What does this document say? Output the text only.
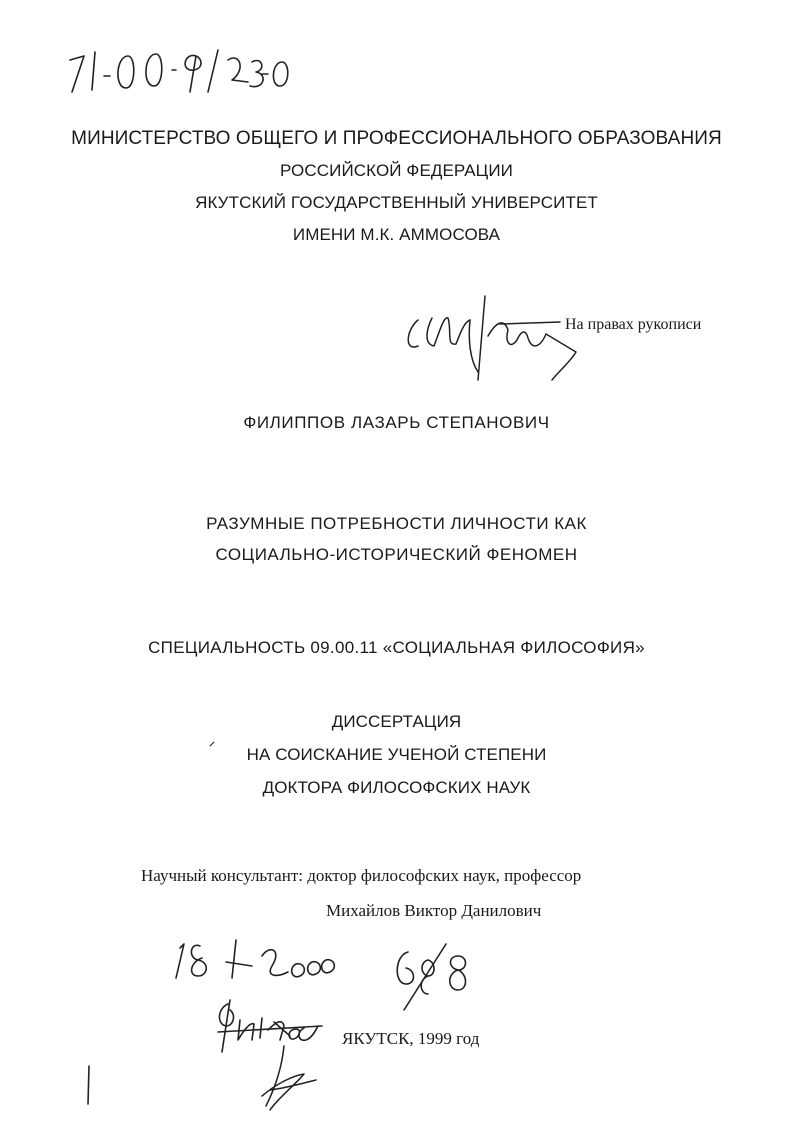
МИНИСТЕРСТВО ОБЩЕГО И ПРОФЕССИОНАЛЬНОГО ОБРАЗОВАНИЯ
РОССИЙСКОЙ ФЕДЕРАЦИИ
ЯКУТСКИЙ ГОСУДАРСТВЕННЫЙ УНИВЕРСИТЕТ
ИМЕНИ М.К. АММОСОВА
На правах рукописи
ФИЛИППОВ ЛАЗАРЬ СТЕПАНОВИЧ
РАЗУМНЫЕ ПОТРЕБНОСТИ ЛИЧНОСТИ КАК
СОЦИАЛЬНО-ИСТОРИЧЕСКИЙ ФЕНОМЕН
СПЕЦИАЛЬНОСТЬ 09.00.11 «СОЦИАЛЬНАЯ ФИЛОСОФИЯ»
ДИССЕРТАЦИЯ
НА СОИСКАНИЕ УЧЕНОЙ СТЕПЕНИ
ДОКТОРА ФИЛОСОФСКИХ НАУК
Научный консультант: доктор философских наук, профессор
Михайлов Виктор Данилович
ЯКУТСК, 1999 год
